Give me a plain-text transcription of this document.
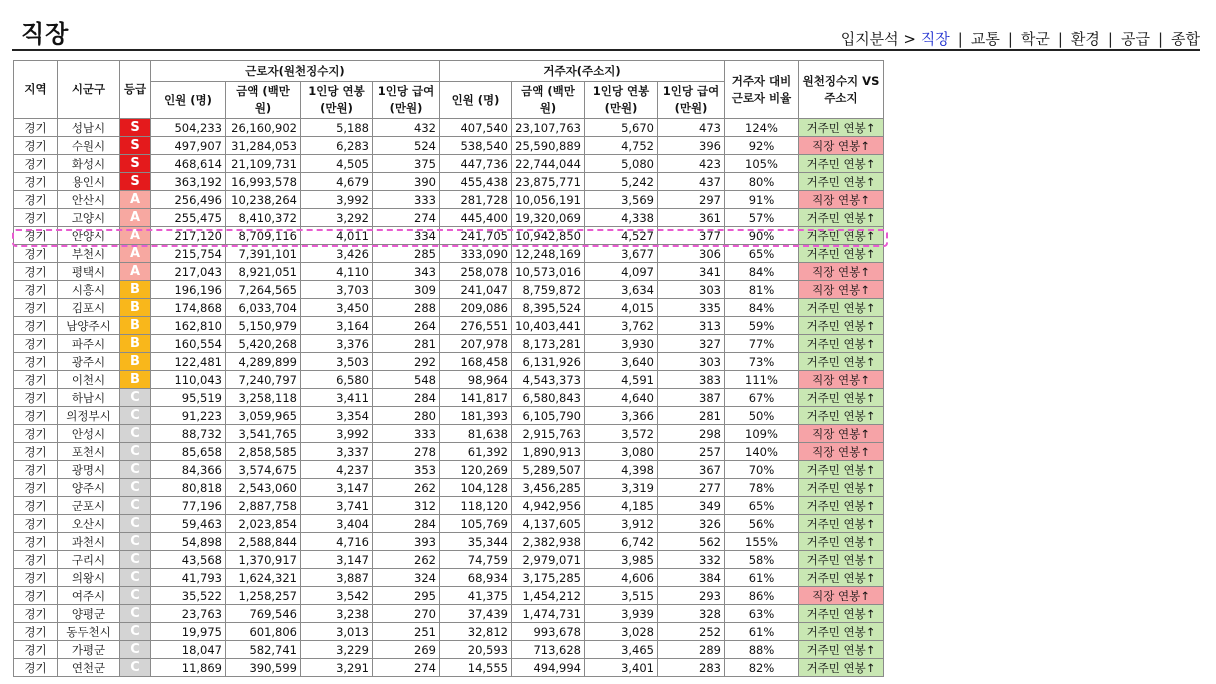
직장	입지분석 > 직장 | 교통 | 학군 | 환경 | 공급 | 종합
지역	시군구	등급	근로자(원천징수지)				거주자(주소지)				거주자 대비 근로자 비율	원천징수지 VS 주소지
			인원 (명)	금액 (백만원)	1인당 연봉 (만원)	1인당 급여 (만원)	인원 (명)	금액 (백만원)	1인당 연봉 (만원)	1인당 급여 (만원)		
경기	성남시	S	504,233	26,160,902	5,188	432	407,540	23,107,763	5,670	473	124%	거주민 연봉↑
경기	수원시	S	497,907	31,284,053	6,283	524	538,540	25,590,889	4,752	396	92%	직장 연봉↑
경기	화성시	S	468,614	21,109,731	4,505	375	447,736	22,744,044	5,080	423	105%	거주민 연봉↑
경기	용인시	S	363,192	16,993,578	4,679	390	455,438	23,875,771	5,242	437	80%	거주민 연봉↑
경기	안산시	A	256,496	10,238,264	3,992	333	281,728	10,056,191	3,569	297	91%	직장 연봉↑
경기	고양시	A	255,475	8,410,372	3,292	274	445,400	19,320,069	4,338	361	57%	거주민 연봉↑
경기	안양시	A	217,120	8,709,116	4,011	334	241,705	10,942,850	4,527	377	90%	거주민 연봉↑
경기	부천시	A	215,754	7,391,101	3,426	285	333,090	12,248,169	3,677	306	65%	거주민 연봉↑
경기	평택시	A	217,043	8,921,051	4,110	343	258,078	10,573,016	4,097	341	84%	직장 연봉↑
경기	시흥시	B	196,196	7,264,565	3,703	309	241,047	8,759,872	3,634	303	81%	직장 연봉↑
경기	김포시	B	174,868	6,033,704	3,450	288	209,086	8,395,524	4,015	335	84%	거주민 연봉↑
경기	남양주시	B	162,810	5,150,979	3,164	264	276,551	10,403,441	3,762	313	59%	거주민 연봉↑
경기	파주시	B	160,554	5,420,268	3,376	281	207,978	8,173,281	3,930	327	77%	거주민 연봉↑
경기	광주시	B	122,481	4,289,899	3,503	292	168,458	6,131,926	3,640	303	73%	거주민 연봉↑
경기	이천시	B	110,043	7,240,797	6,580	548	98,964	4,543,373	4,591	383	111%	직장 연봉↑
경기	하남시	C	95,519	3,258,118	3,411	284	141,817	6,580,843	4,640	387	67%	거주민 연봉↑
경기	의정부시	C	91,223	3,059,965	3,354	280	181,393	6,105,790	3,366	281	50%	거주민 연봉↑
경기	안성시	C	88,732	3,541,765	3,992	333	81,638	2,915,763	3,572	298	109%	직장 연봉↑
경기	포천시	C	85,658	2,858,585	3,337	278	61,392	1,890,913	3,080	257	140%	직장 연봉↑
경기	광명시	C	84,366	3,574,675	4,237	353	120,269	5,289,507	4,398	367	70%	거주민 연봉↑
경기	양주시	C	80,818	2,543,060	3,147	262	104,128	3,456,285	3,319	277	78%	거주민 연봉↑
경기	군포시	C	77,196	2,887,758	3,741	312	118,120	4,942,956	4,185	349	65%	거주민 연봉↑
경기	오산시	C	59,463	2,023,854	3,404	284	105,769	4,137,605	3,912	326	56%	거주민 연봉↑
경기	과천시	C	54,898	2,588,844	4,716	393	35,344	2,382,938	6,742	562	155%	거주민 연봉↑
경기	구리시	C	43,568	1,370,917	3,147	262	74,759	2,979,071	3,985	332	58%	거주민 연봉↑
경기	의왕시	C	41,793	1,624,321	3,887	324	68,934	3,175,285	4,606	384	61%	거주민 연봉↑
경기	여주시	C	35,522	1,258,257	3,542	295	41,375	1,454,212	3,515	293	86%	직장 연봉↑
경기	양평군	C	23,763	769,546	3,238	270	37,439	1,474,731	3,939	328	63%	거주민 연봉↑
경기	동두천시	C	19,975	601,806	3,013	251	32,812	993,678	3,028	252	61%	거주민 연봉↑
경기	가평군	C	18,047	582,741	3,229	269	20,593	713,628	3,465	289	88%	거주민 연봉↑
경기	연천군	C	11,869	390,599	3,291	274	14,555	494,994	3,401	283	82%	거주민 연봉↑
